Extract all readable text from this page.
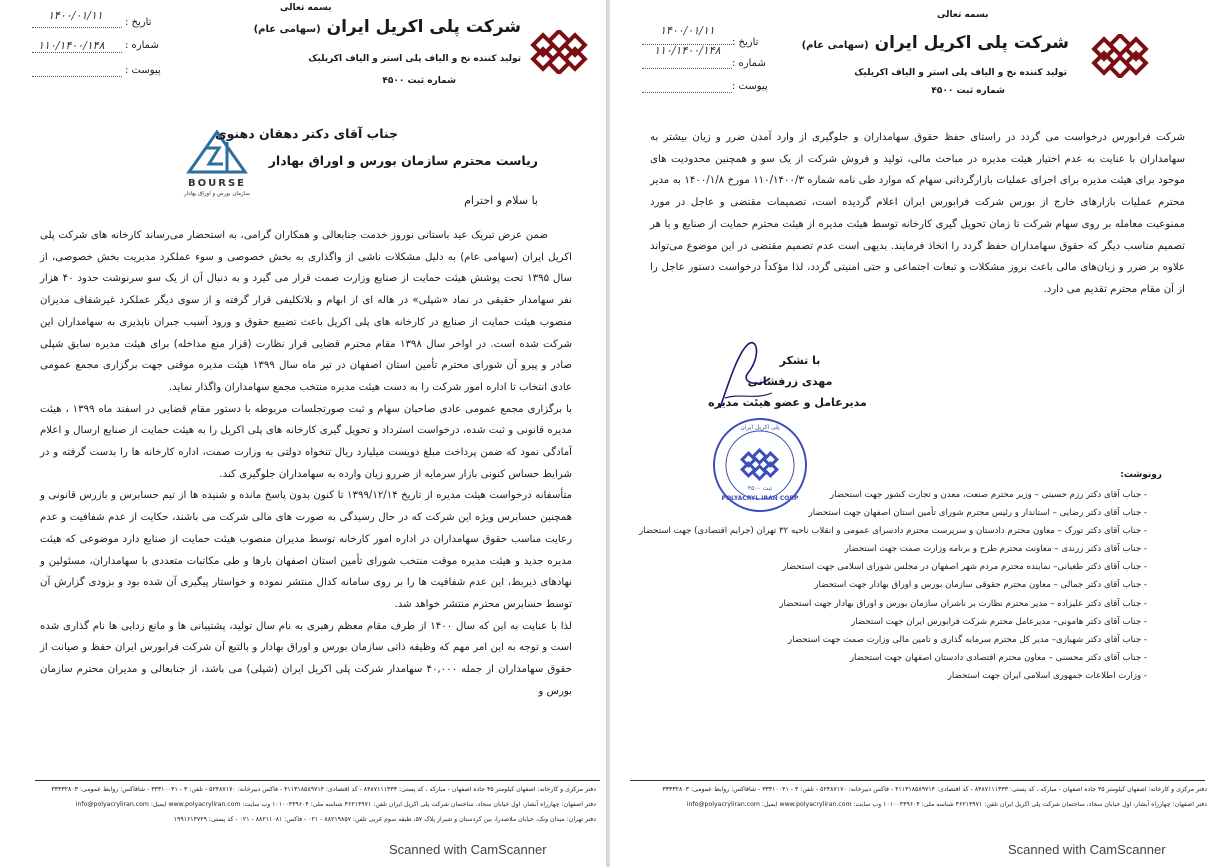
بسمه تعالی
شرکت پلی اکریل ایران (سهامی عام)
تولید کننده نخ و الیاف پلی استر و الیاف اکریلیک
شماره ثبت ۴۵۰۰
تاریخ :
۱۴۰۰/۰۱/۱۱
شماره :
۱۱۰/۱۴۰۰/۱۴۸
پیوست :
BOURSE
سازمان بورس و اوراق بهادار
جناب آقای دکتر دهقان دهنوی
ریاست محترم سازمان بورس و اوراق بهادار
با سلام و احترام

ضمن عرض تبریک عید باستانی نوروز خدمت جنابعالی و همکاران گرامی، به استحضار می‌رساند کارخانه های شرکت پلی اکریل ایران (سهامی عام) به دلیل مشکلات ناشی از واگذاری به بخش خصوصی و سوء عملکرد مدیریت بخش خصوصی، از سال ۱۳۹۵ تحت پوشش هیئت حمایت از صنایع وزارت صمت قرار می گیرد و به دنبال آن از یک سو سرنوشت حدود ۴۰ هزار نفر سهامدار حقیقی در نماد «شپلی» در هاله ای از ابهام و بلاتکلیفی قرار گرفته و از سوی دیگر عملکرد غیرشفاف مدیران منصوب هیئت حمایت از صنایع در کارخانه های پلی اکریل باعث تضییع حقوق و ورود آسیب جبران ناپذیری به سهامداران این شرکت شده است. در اواخر سال ۱۳۹۸ مقام محترم قضایی قرار نظارت (قرار منع مداخله) برای هیئت مدیره سابق شپلی صادر و پیرو آن شورای محترم تأمین استان اصفهان در تیر ماه سال ۱۳۹۹ هیئت مدیره موقتی جهت برگزاری مجمع عمومی عادی انتخاب تا اداره امور شرکت را به دست هیئت مدیره منتخب مجمع سهامداران واگذار نماید.

با برگزاری مجمع عمومی عادی صاحبان سهام و ثبت صورتجلسات مربوطه با دستور مقام قضایی در اسفند ماه ۱۳۹۹ ، هیئت مدیره قانونی و ثبت شده، درخواست استرداد و تحویل گیری کارخانه های پلی اکریل را به هیئت حمایت از صنایع ارسال و اعلام آمادگی نمود که ضمن پرداخت مبلغ دویست میلیارد ریال تنخواه دولتی به وزارت صمت، اداره کارخانه ها را بدست گرفته و در شرایط حساس کنونی بازار سرمایه از ضررو زیان وارده به سهامداران جلوگیری کند.

متأسفانه درخواست هیئت مدیره از تاریخ ۱۳۹۹/۱۲/۱۴ تا کنون بدون پاسخ مانده و شنیده ها از تیم حسابرس و بازرس قانونی و همچنین حسابرس ویژه این شرکت که در حال رسیدگی به صورت های مالی شرکت می باشند، حکایت از عدم شفافیت و عدم رعایت مناسب حقوق سهامداران در اداره امور کارخانه توسط مدیران منصوب هیئت حمایت از صنایع دارد موضوعی که هیئت مدیره جدید و هیئت مدیره موقت منتخب شورای تأمین استان اصفهان بارها و طی مکاتبات متعددی با سهامداران، مسئولین و نهادهای ذیربط، این عدم شفافیت ها را بر روی سامانه کدال منتشر نموده و خواستار پیگیری آن شده بود و بزودی گزارش آن توسط حسابرس محترم منتشر خواهد شد.

لذا با عنایت به این که سال ۱۴۰۰ از طرف مقام معظم رهبری به نام سال تولید، پشتیبانی ها و مانع زدایی ها نام گذاری شده است و توجه به این امر مهم که وظیفه ذاتی سازمان بورس و اوراق بهادار و بالتبع آن شرکت فرابورس ایران حفظ و صیانت از حقوق سهامداران از جمله ۴۰,۰۰۰ سهامدار شرکت پلی اکریل ایران (شپلی) می باشد، از جنابعالی و مدیران محترم سازمان بورس و

دفتر مرکزی و کارخانه: اصفهان کیلومتر ۴۵ جاده اصفهان - مبارکه ، کد پستی: ۸۴۸۷۱۱۱۳۳۳ - کد اقتصادی: ۴۱۱۳۱۸۵۸۹۷۱۴ - فاکس دبیرخانه: ۵۲۴۸۷۱۷۰ - تلفن: ۳ - ۳۳۳۱۰۰۴۱ - شاقاکس: روابط عمومی: ۳۳۳۳۲۸۰۳
دفتر اصفهان: چهارراه آبشار، اول خیابان سجاد، ساختمان شرکت پلی اکریل ایران تلفن: ۳۶۲۱۴۹۷۱ شناسه ملی: ۱۰۱۰۰۴۴۹۶۰۴ وب سایت: www.polyacryliran.com ایمیل: info@polyacryliran.com
دفتر تهران: میدان ونک، خیابان ملاصدرا، بین کردستان و شیراز پلاک ۵۷، طبقه سوم غربی تلفن: ۸۸۲۱۹۸۵۷ - ۰۲۱ - فاکس: ۸۸۲۱۱۰۸۱ - ۰۲۱ - کد پستی: ۱۹۹۱۶۱۴۷۲۹
Scanned with CamScanner
بسمه تعالی
شرکت پلی اکریل ایران (سهامی عام)
تولید کننده نخ و الیاف پلی استر و الیاف اکریلیک
شماره ثبت ۴۵۰۰
تاریخ :
۱۴۰۰/۰۱/۱۱
شماره :
۱۱۰/۱۴۰۰/۱۴۸
پیوست :

شرکت فرابورس درخواست می گردد در راستای حفظ حقوق سهامداران و جلوگیری از وارد آمدن ضرر و زیان بیشتر به سهامداران با عنایت به عدم اختیار هیئت مدیره در مباحث مالی، تولید و فروش شرکت از یک سو و همچنین محدودیت های موجود برای هیئت مدیره برای اجرای عملیات بازارگردانی سهام که موارد طی نامه شماره ۱۱۰/۱۴۰۰/۳ مورخ ۱۴۰۰/۱/۸ به مدیر محترم عملیات بازارهای خارج از بورس شرکت فرابورس ایران اعلام گردیده است، تصمیمات مقتضی و عاجل در مورد ممنوعیت معامله بر روی سهام شرکت تا زمان تحویل گیری کارخانه توسط هیئت مدیره از هیئت محترم حمایت از صنایع و یا هر تصمیم مناسب دیگر که حقوق سهامداران حفظ گردد را اتخاذ فرمایند. بدیهی است عدم تصمیم مقتضی در این موضوع می‌تواند علاوه بر ضرر و زیان‌های مالی باعث بروز مشکلات و تبعات اجتماعی و حتی امنیتی گردد، لذا مؤکداً درخواست دستور عاجل را از آن مقام محترم تقدیم می دارد.

با تشکر
مهدی زرفشانی
مدیرعامل و عضو هیئت مدیره
POLYACRYL IRAN CORP
پلی اکریل ایران
ثبت ۴۵۰۰
رونوشت:
- جناب آقای دکتر رزم حسینی – وزیر محترم صنعت، معدن و تجارت کشور جهت استحضار
- جناب آقای دکتر رضایی – استاندار و رئیس محترم شورای تأمین استان اصفهان جهت استحضار
- جناب آقای دکتر تورک – معاون محترم دادستان و سرپرست محترم دادسرای عمومی و انقلاب ناحیه ۳۲ تهران (جرایم اقتصادی) جهت استحضار
- جناب آقای دکتر زرندی – معاونت محترم طرح و برنامه وزارت صمت جهت استحضار
- جناب آقای دکتر طغیانی– نماینده محترم مردم شهر اصفهان در مجلس شورای اسلامی جهت استحضار
- جناب آقای دکتر جمالی – معاون محترم حقوقی سازمان بورس و اوراق بهادار جهت استحضار
- جناب آقای دکتر علیزاده – مدیر محترم نظارت بر ناشران سازمان بورس و اوراق بهادار جهت استحضار
- جناب آقای دکتر هامونی– مدیرعامل محترم شرکت فرابورس ایران جهت استحضار
- جناب آقای دکتر شهبازی– مدیر کل محترم سرمایه گذاری و تامین مالی وزارت صمت جهت استحضار
- جناب آقای دکتر محسنی – معاون محترم اقتصادی دادستان اصفهان جهت استحضار
- وزارت اطلاعات جمهوری اسلامی ایران جهت استحضار
دفتر مرکزی و کارخانه: اصفهان کیلومتر ۴۵ جاده اصفهان - مبارکه ، کد پستی: ۸۴۸۷۱۱۱۳۳۳ - کد اقتصادی: ۴۱۱۳۱۸۵۸۹۷۱۴ - فاکس دبیرخانه: ۵۲۴۸۷۱۷۰ - تلفن: ۳ - ۳۳۳۱۰۰۴۱ - شاقاکس: روابط عمومی: ۳۳۳۳۲۸۰۳
دفتر اصفهان: چهارراه آبشار، اول خیابان سجاد، ساختمان شرکت پلی اکریل ایران تلفن: ۳۶۲۱۴۹۷۱ شناسه ملی: ۱۰۱۰۰۴۴۹۶۰۴ وب سایت: www.polyacryliran.com ایمیل: info@polyacryliran.com
Scanned with CamScanner
